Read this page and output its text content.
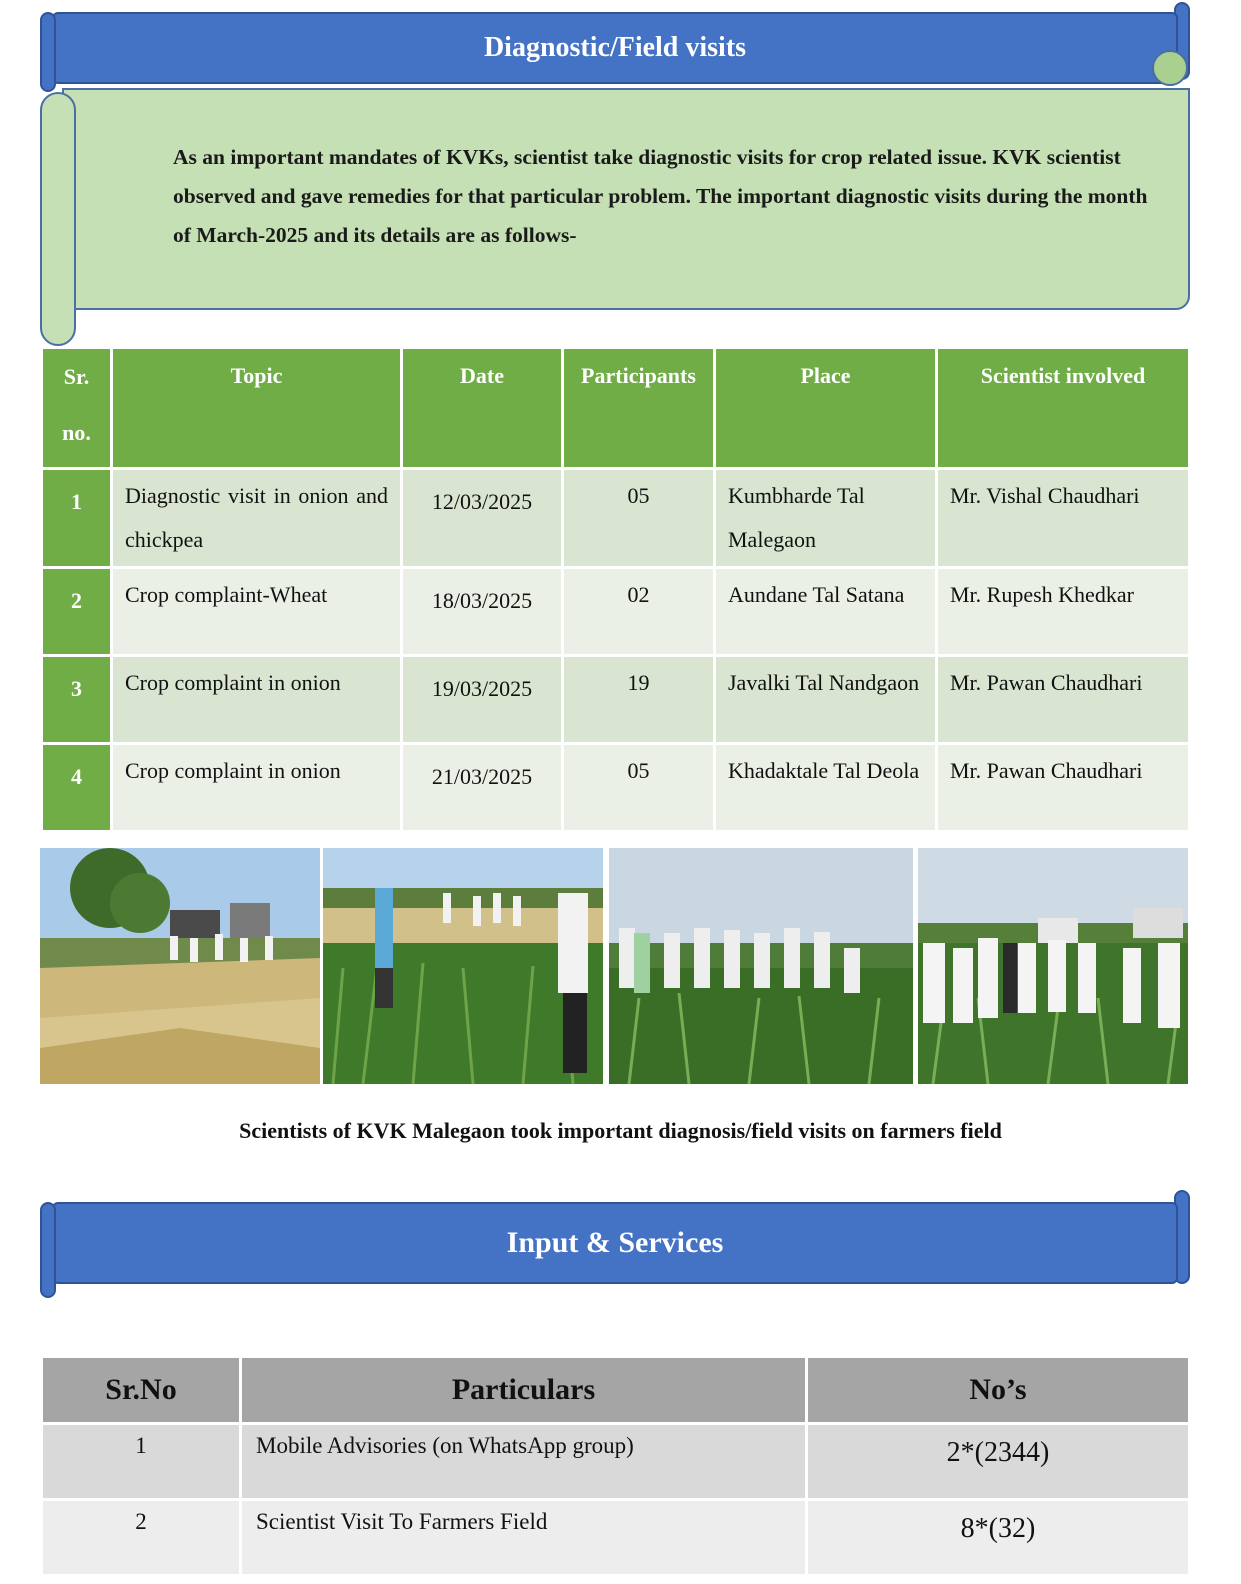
Diagnostic/Field visits
As an important mandates of KVKs, scientist take diagnostic visits for crop related issue. KVK scientist observed and gave remedies for that particular problem. The important diagnostic visits during the month of March-2025 and its details are as follows-
Sr.
no.	Topic	Date	Participants	Place	Scientist involved
1	Diagnostic visit in onion and chickpea	12/03/2025	05	Kumbharde Tal Malegaon	Mr. Vishal Chaudhari
2	Crop complaint-Wheat	18/03/2025	02	Aundane Tal Satana	Mr. Rupesh Khedkar
3	Crop complaint in onion	19/03/2025	19	Javalki Tal Nandgaon	Mr. Pawan Chaudhari
4	Crop complaint in onion	21/03/2025	05	Khadaktale Tal Deola	Mr. Pawan Chaudhari
Scientists of KVK Malegaon took important diagnosis/field visits on farmers field
Input & Services
Sr.No	Particulars	No’s
1	Mobile Advisories (on WhatsApp group)	2*(2344)
2	Scientist Visit To Farmers Field	8*(32)
